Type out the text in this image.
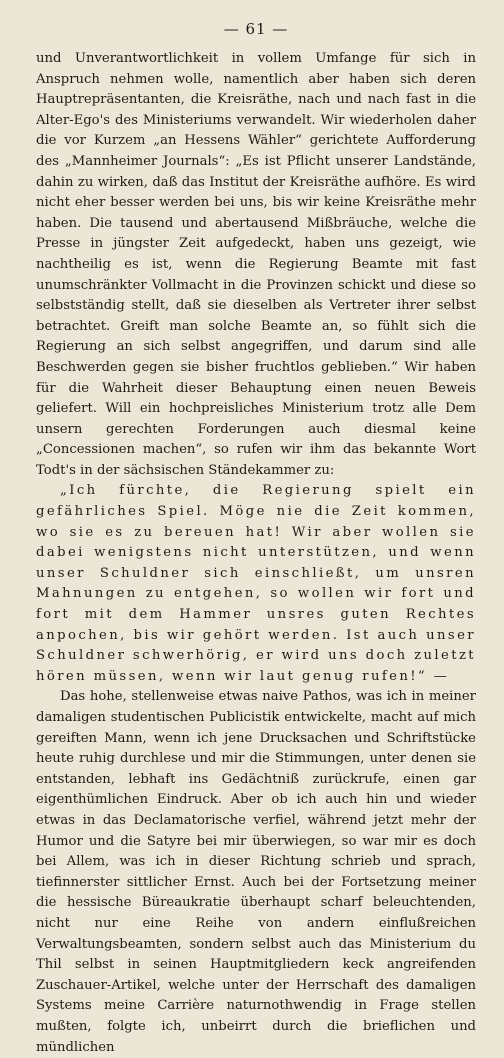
— 61 —

und Unverantwortlichkeit in vollem Umfange für sich in Anspruch nehmen wolle, namentlich aber haben sich deren Hauptrepräsentanten, die Kreisräthe, nach und nach fast in die Alter-Ego's des Ministeriums verwandelt. Wir wiederholen daher die vor Kurzem „an Hessens Wähler“ gerichtete Aufforderung des „Mannheimer Journals“: „Es ist Pflicht unserer Landstände, dahin zu wirken, daß das Institut der Kreisräthe aufhöre. Es wird nicht eher besser werden bei uns, bis wir keine Kreisräthe mehr haben. Die tausend und abertausend Mißbräuche, welche die Presse in jüngster Zeit aufgedeckt, haben uns gezeigt, wie nachtheilig es ist, wenn die Regierung Beamte mit fast unumschränkter Vollmacht in die Provinzen schickt und diese so selbstständig stellt, daß sie dieselben als Vertreter ihrer selbst betrachtet. Greift man solche Beamte an, so fühlt sich die Regierung an sich selbst angegriffen, und darum sind alle Beschwerden gegen sie bisher fruchtlos geblieben.“ Wir haben für die Wahrheit dieser Behauptung einen neuen Beweis geliefert. Will ein hochpreisliches Ministerium trotz alle Dem unsern gerechten Forderungen auch diesmal keine „Concessionen machen“, so rufen wir ihm das bekannte Wort Todt's in der sächsischen Ständekammer zu:

„Ich fürchte, die Regierung spielt ein gefährliches Spiel. Möge nie die Zeit kommen, wo sie es zu bereuen hat! Wir aber wollen sie dabei wenigstens nicht unterstützen, und wenn unser Schuldner sich einschließt, um unsren Mahnungen zu entgehen, so wollen wir fort und fort mit dem Hammer unsres guten Rechtes anpochen, bis wir gehört werden. Ist auch unser Schuldner schwerhörig, er wird uns doch zuletzt hören müssen, wenn wir laut genug rufen!“ —

Das hohe, stellenweise etwas naive Pathos, was ich in meiner damaligen studentischen Publicistik entwickelte, macht auf mich gereiften Mann, wenn ich jene Drucksachen und Schriftstücke heute ruhig durchlese und mir die Stimmungen, unter denen sie entstanden, lebhaft ins Gedächtniß zurückrufe, einen gar eigenthümlichen Eindruck. Aber ob ich auch hin und wieder etwas in das Declamatorische verfiel, während jetzt mehr der Humor und die Satyre bei mir überwiegen, so war mir es doch bei Allem, was ich in dieser Richtung schrieb und sprach, tiefinnerster sittlicher Ernst. Auch bei der Fortsetzung meiner die hessische Büreaukratie überhaupt scharf beleuchtenden, nicht nur eine Reihe von andern einflußreichen Verwaltungsbeamten, sondern selbst auch das Ministerium du Thil selbst in seinen Hauptmitgliedern keck angreifenden Zuschauer-Artikel, welche unter der Herrschaft des damaligen Systems meine Carrière naturnothwendig in Frage stellen mußten, folgte ich, unbeirrt durch die brieflichen und mündlichen
